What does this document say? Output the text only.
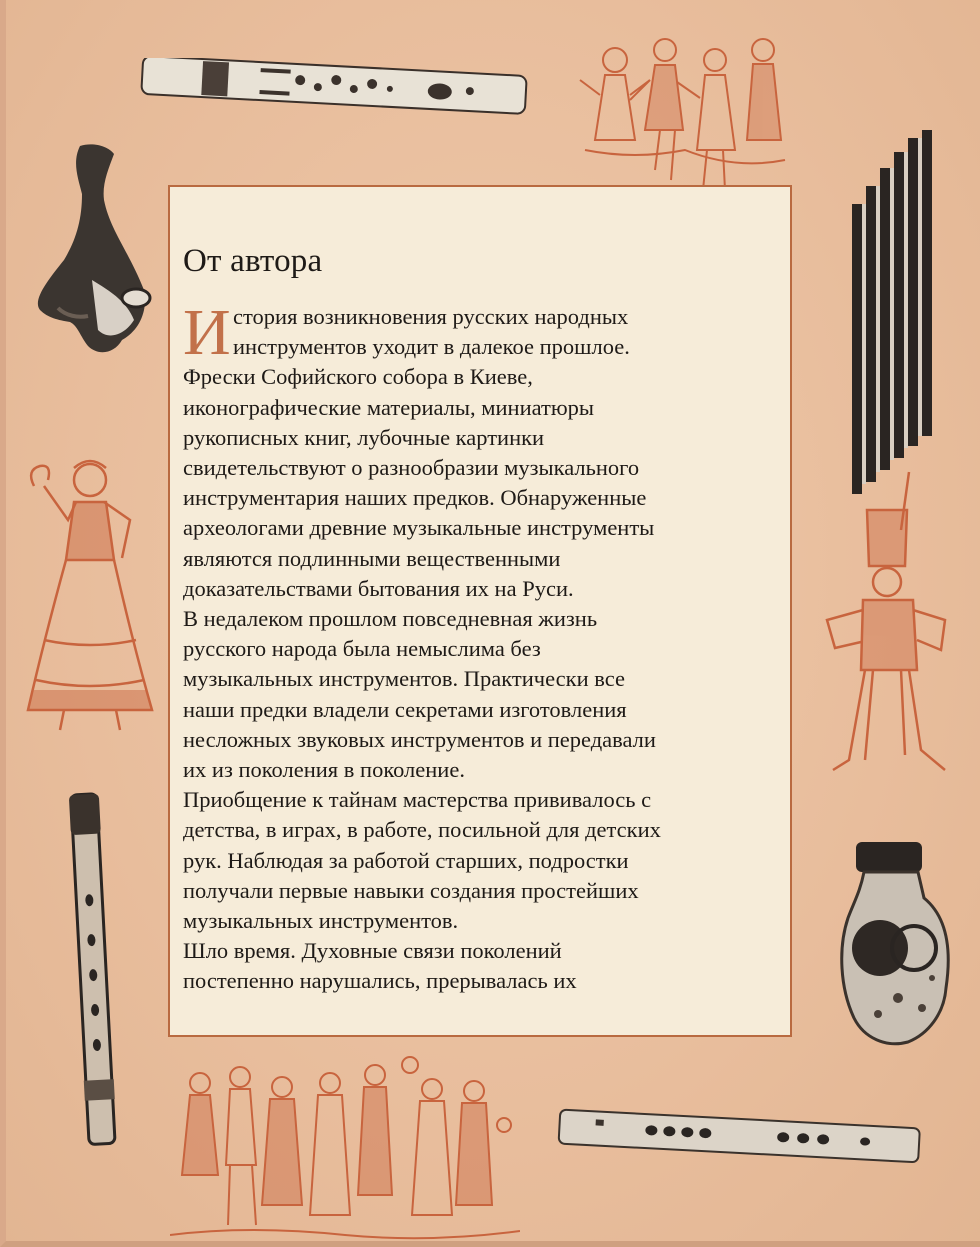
От автора
И стория возникновения русских народных
инструментов уходит в далекое прошлое.
Фрески Софийского собора в Киеве,
иконографические материалы, миниатюры
рукописных книг, лубочные картинки
свидетельствуют о разнообразии музыкального
инструментария наших предков. Обнаруженные
археологами древние музыкальные инструменты
являются подлинными вещественными
доказательствами бытования их на Руси.
В недалеком прошлом повседневная жизнь
русского народа была немыслима без
музыкальных инструментов. Практически все
наши предки владели секретами изготовления
несложных звуковых инструментов и передавали
их из поколения в поколение.
Приобщение к тайнам мастерства прививалось с
детства, в играх, в работе, посильной для детских
рук. Наблюдая за работой старших, подростки
получали первые навыки создания простейших
музыкальных инструментов.
Шло время. Духовные связи поколений
постепенно нарушались, прерывалась их
